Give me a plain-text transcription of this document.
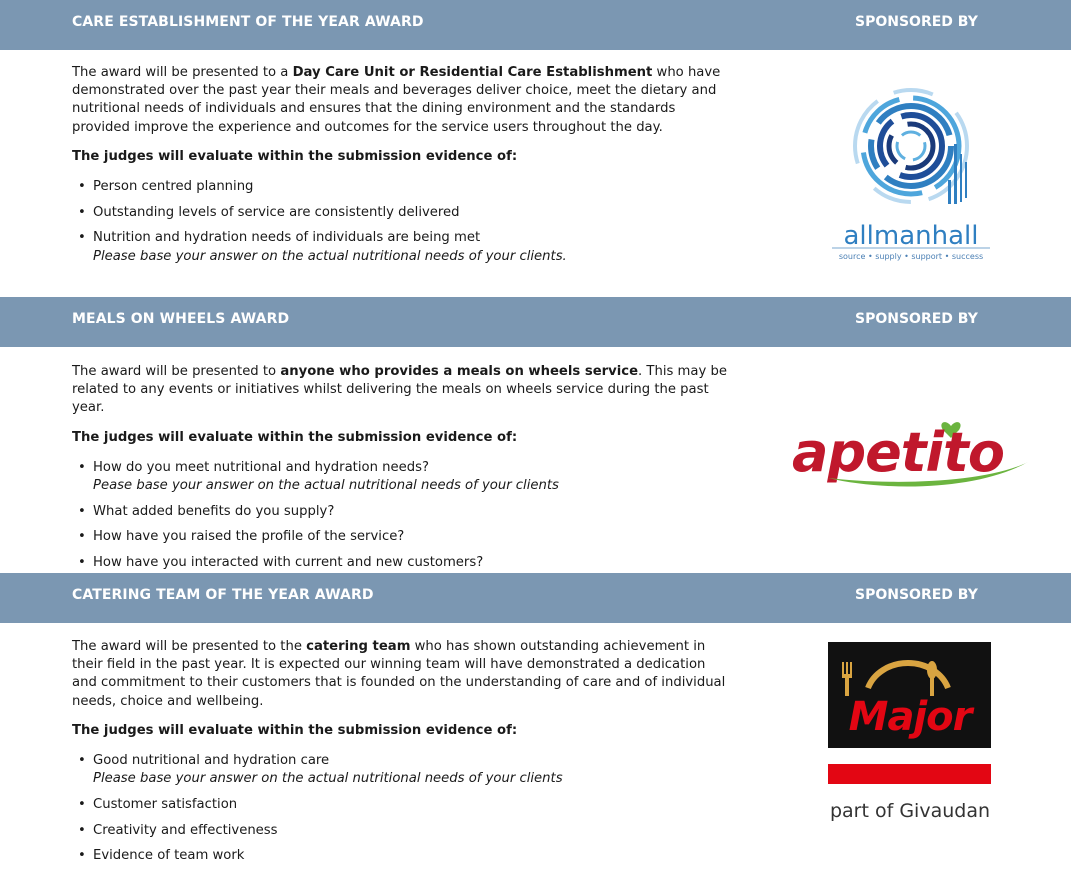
CARE ESTABLISHMENT OF THE YEAR AWARD	SPONSORED BY

The award will be presented to a Day Care Unit or Residential Care Establishment who have demonstrated over the past year their meals and beverages deliver choice, meet the dietary and nutritional needs of individuals and ensures that the dining environment and the standards provided improve the experience and outcomes for the service users throughout the day.

The judges will evaluate within the submission evidence of:

• Person centred planning
• Outstanding levels of service are consistently delivered
• Nutrition and hydration needs of individuals are being met
Please base your answer on the actual nutritional needs of your clients.
allmanhall
source • supply • support • success
MEALS ON WHEELS AWARD	SPONSORED BY

The award will be presented to anyone who provides a meals on wheels service. This may be related to any events or initiatives whilst delivering the meals on wheels service during the past year.

The judges will evaluate within the submission evidence of:

• How do you meet nutritional and hydration needs?
Pease base your answer on the actual nutritional needs of your clients
• What added benefits do you supply?
• How have you raised the profile of the service?
• How have you interacted with current and new customers?
apetito
CATERING TEAM OF THE YEAR AWARD	SPONSORED BY

The award will be presented to the catering team who has shown outstanding achievement in their field in the past year. It is expected our winning team will have demonstrated a dedication and commitment to their customers that is founded on the understanding of care and of individual needs, choice and wellbeing.

The judges will evaluate within the submission evidence of:

• Good nutritional and hydration care
Please base your answer on the actual nutritional needs of your clients
• Customer satisfaction
• Creativity and effectiveness
• Evidence of team work
Major
part of Givaudan
